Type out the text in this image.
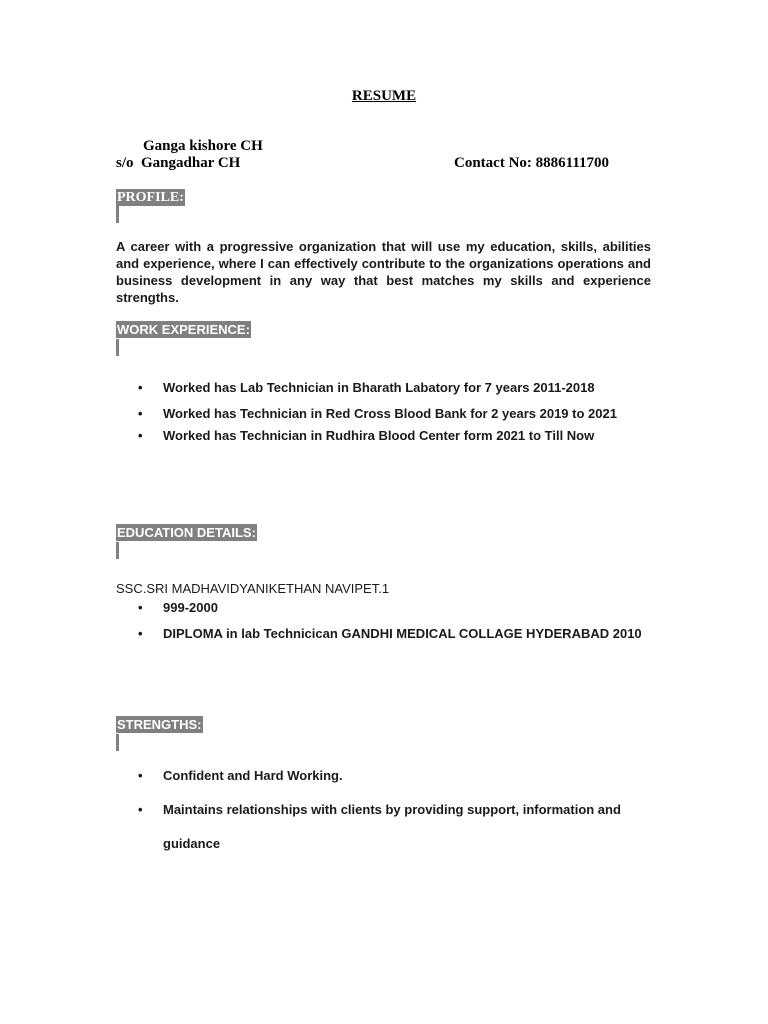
RESUME
Ganga kishore CH
s/o  Gangadhar CH	Contact No: 8886111700
PROFILE:
A career with a progressive organization that will use my education, skills, abilities and experience, where I can effectively contribute to the organizations operations and business development in any way that best matches my skills and experience strengths.
WORK EXPERIENCE:
• Worked has Lab Technician in Bharath Labatory for 7 years 2011-2018
• Worked has Technician in Red Cross Blood Bank for 2 years 2019 to 2021
• Worked has Technician in Rudhira Blood Center form 2021 to Till Now
EDUCATION DETAILS:
SSC.SRI MADHAVIDYANIKETHAN NAVIPET.1
• 999-2000
• DIPLOMA in lab Technicican GANDHI MEDICAL COLLAGE HYDERABAD 2010
STRENGTHS:
• Confident and Hard Working.
• Maintains relationships with clients by providing support, information and guidance
